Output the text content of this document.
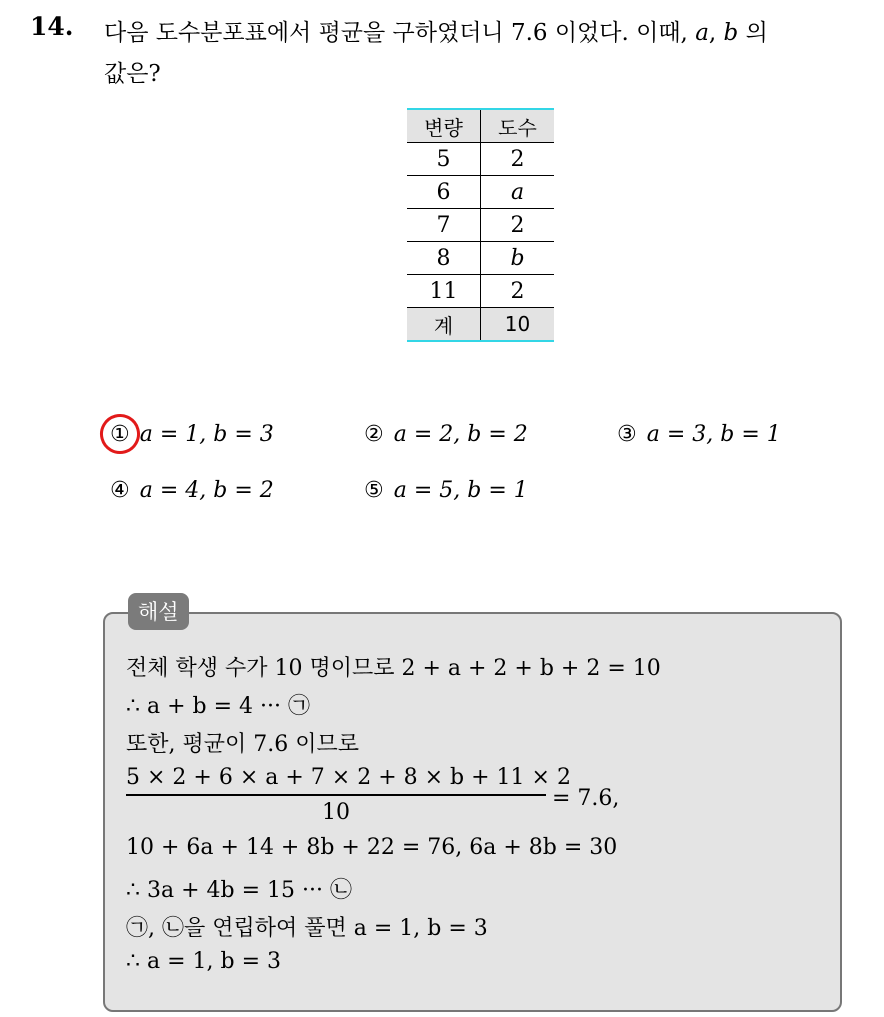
14. 다음 도수분포표에서 평균을 구하였더니 7.6 이었다. 이때, a, b 의
값은?
변량	도수
5	2
6	a
7	2
8	b
11	2
계	10
① a = 1, b = 3	② a = 2, b = 2	③ a = 3, b = 1
④ a = 4, b = 2	⑤ a = 5, b = 1
해설
전체 학생 수가 10 명이므로 2 + a + 2 + b + 2 = 10
∴ a + b = 4 ··· ㉠
또한, 평균이 7.6 이므로
5 × 2 + 6 × a + 7 × 2 + 8 × b + 11 × 2
10
= 7.6,
10 + 6a + 14 + 8b + 22 = 76, 6a + 8b = 30
∴ 3a + 4b = 15 ··· ㉡
㉠, ㉡을 연립하여 풀면 a = 1, b = 3
∴ a = 1, b = 3
